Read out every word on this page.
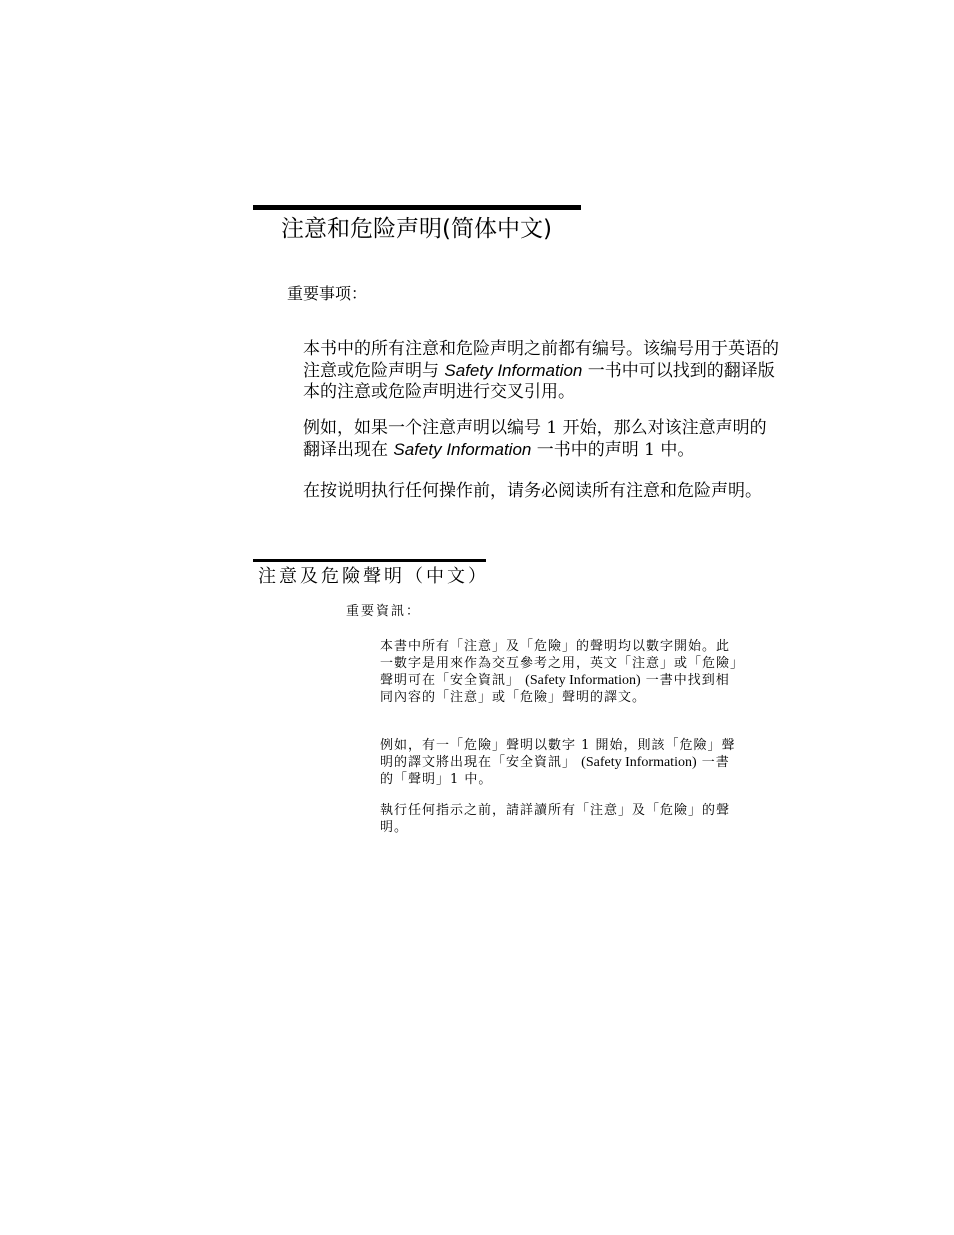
注意和危险声明(简体中文)

重要事项：

本书中的所有注意和危险声明之前都有编号。该编号用于英语的注意或危险声明与 Safety Information 一书中可以找到的翻译版本的注意或危险声明进行交叉引用。

例如，如果一个注意声明以编号 1 开始，那么对该注意声明的翻译出现在 Safety Information 一书中的声明 1 中。

在按说明执行任何操作前，请务必阅读所有注意和危险声明。

注意及危險聲明（中文）

重要資訊：

本書中所有「注意」及「危險」的聲明均以數字開始。此一數字是用來作為交互參考之用，英文「注意」或「危險」聲明可在「安全資訊」 (Safety Information) 一書中找到相同內容的「注意」或「危險」聲明的譯文。

例如，有一「危險」聲明以數字 1 開始，則該「危險」聲明的譯文將出現在「安全資訊」 (Safety Information) 一書的「聲明」1 中。

執行任何指示之前，請詳讀所有「注意」及「危險」的聲明。
